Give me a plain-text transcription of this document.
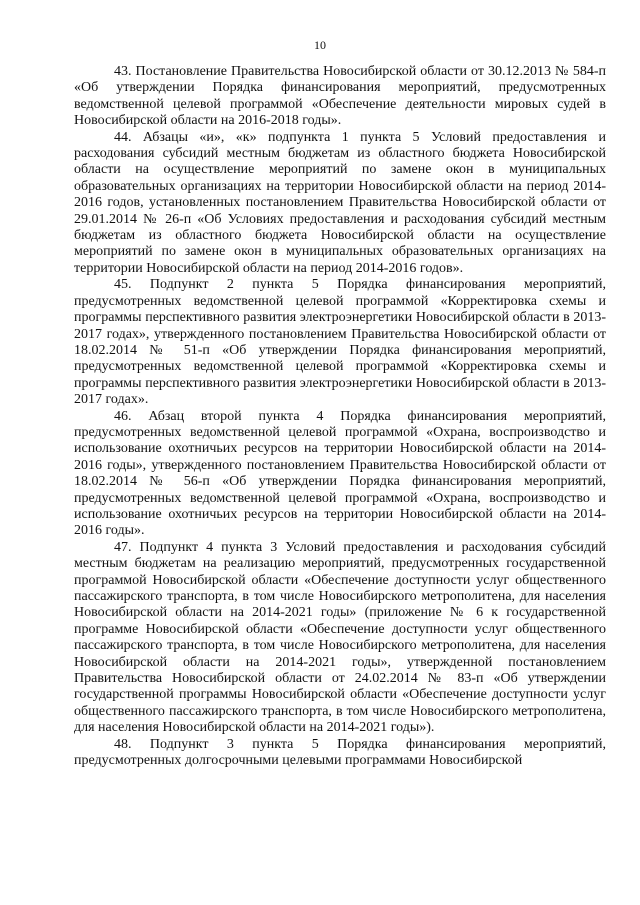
10

43. Постановление Правительства Новосибирской области от 30.12.2013 № 584-п «Об утверждении Порядка финансирования мероприятий, предусмотренных ведомственной целевой программой «Обеспечение деятельности мировых судей в Новосибирской области на 2016-2018 годы».

44. Абзацы «и», «к» подпункта 1 пункта 5 Условий предоставления и расходования субсидий местным бюджетам из областного бюджета Новосибирской области на осуществление мероприятий по замене окон в муниципальных образовательных организациях на территории Новосибирской области на период 2014-2016 годов, установленных постановлением Правительства Новосибирской области от 29.01.2014 № 26-п «Об Условиях предоставления и расходования субсидий местным бюджетам из областного бюджета Новосибирской области на осуществление мероприятий по замене окон в муниципальных образовательных организациях на территории Новосибирской области на период 2014-2016 годов».

45. Подпункт 2 пункта 5 Порядка финансирования мероприятий, предусмотренных ведомственной целевой программой «Корректировка схемы и программы перспективного развития электроэнергетики Новосибирской области в 2013-2017 годах», утвержденного постановлением Правительства Новосибирской области от 18.02.2014 № 51-п «Об утверждении Порядка финансирования мероприятий, предусмотренных ведомственной целевой программой «Корректировка схемы и программы перспективного развития электроэнергетики Новосибирской области в 2013-2017 годах».

46. Абзац второй пункта 4 Порядка финансирования мероприятий, предусмотренных ведомственной целевой программой «Охрана, воспроизводство и использование охотничьих ресурсов на территории Новосибирской области на 2014-2016 годы», утвержденного постановлением Правительства Новосибирской области от 18.02.2014 № 56-п «Об утверждении Порядка финансирования мероприятий, предусмотренных ведомственной целевой программой «Охрана, воспроизводство и использование охотничьих ресурсов на территории Новосибирской области на 2014-2016 годы».

47. Подпункт 4 пункта 3 Условий предоставления и расходования субсидий местным бюджетам на реализацию мероприятий, предусмотренных государственной программой Новосибирской области «Обеспечение доступности услуг общественного пассажирского транспорта, в том числе Новосибирского метрополитена, для населения Новосибирской области на 2014-2021 годы» (приложение № 6 к государственной программе Новосибирской области «Обеспечение доступности услуг общественного пассажирского транспорта, в том числе Новосибирского метрополитена, для населения Новосибирской области на 2014-2021 годы», утвержденной постановлением Правительства Новосибирской области от 24.02.2014 № 83-п «Об утверждении государственной программы Новосибирской области «Обеспечение доступности услуг общественного пассажирского транспорта, в том числе Новосибирского метрополитена, для населения Новосибирской области на 2014-2021 годы»).

48. Подпункт 3 пункта 5 Порядка финансирования мероприятий, предусмотренных долгосрочными целевыми программами Новосибирской
